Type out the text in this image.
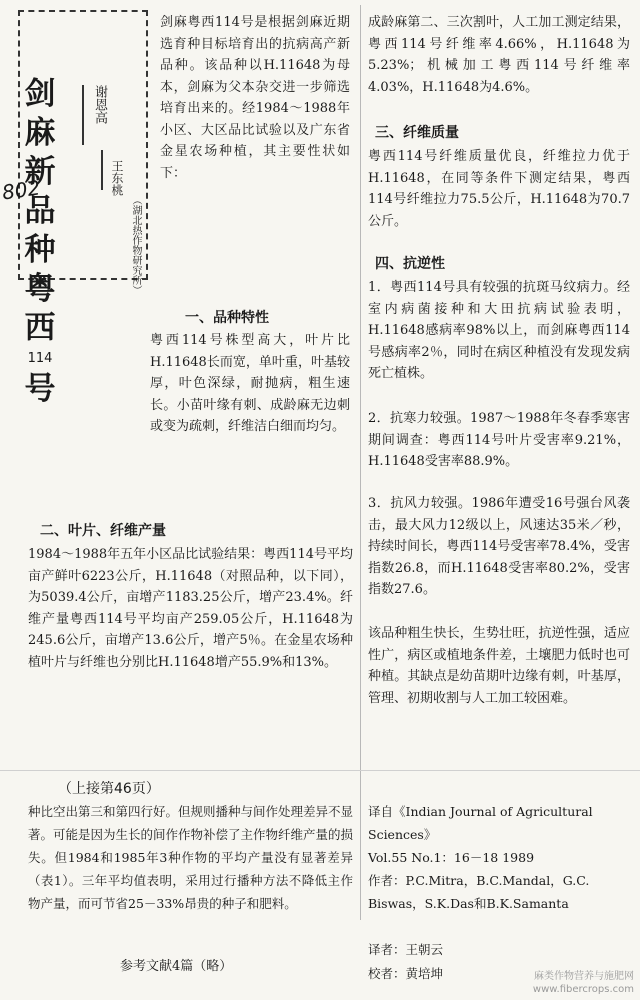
剑
麻
新
品
种
粤
西
114
号
谢恩高
王东桃
（湖北热作物研究所）
802

剑麻粤西114号是根据剑麻近期选育种目标培育出的抗病高产新品种。该品种以H.11648为母本，剑麻为父本杂交进一步筛选培育出来的。经1984～1988年小区、大区品比试验以及广东省金星农场种植，其主要性状如下：

一、品种特性

粤西114号株型高大，叶片比H.11648长而宽，单叶重，叶基较厚，叶色深绿，耐抛病，粗生速长。小苗叶缘有刺、成龄麻无边刺或变为疏刺，纤维洁白细而均匀。

二、叶片、纤维产量

1984～1988年五年小区品比试验结果：粤西114号平均亩产鲜叶6223公斤，H.11648（对照品种，以下同），为5039.4公斤，亩增产1183.25公斤，增产23.4%。纤维产量粤西114号平均亩产259.05公斤，H.11648为245.6公斤，亩增产13.6公斤，增产5％。在金星农场种植叶片与纤维也分别比H.11648增产55.9%和13%。

成龄麻第二、三次割叶，人工加工测定结果，粤西114号纤维率4.66%，H.11648为5.23%；机械加工粤西114号纤维率4.03%，H.11648为4.6%。

三、纤维质量

粤西114号纤维质量优良，纤维拉力优于H.11648，在同等条件下测定结果，粤西114号纤维拉力75.5公斤，H.11648为70.7公斤。

四、抗逆性

1．粤西114号具有较强的抗斑马纹病力。经室内病菌接种和大田抗病试验表明，H.11648感病率98%以上，而剑麻粤西114号感病率2％，同时在病区种植没有发现发病死亡植株。

2．抗寒力较强。1987～1988年冬春季寒害期间调查：粤西114号叶片受害率9.21%，H.11648受害率88.9%。

3．抗风力较强。1986年遭受16号强台风袭击，最大风力12级以上，风速达35米／秒，持续时间长，粤西114号受害率78.4%，受害指数26.8，而H.11648受害率80.2%，受害指数27.6。

该品种粗生快长，生势壮旺，抗逆性强，适应性广，病区或植地条件差，土壤肥力低时也可种植。其缺点是幼苗期叶边缘有刺，叶基厚，管理、初期收割与人工加工较困难。

（上接第46页）

种比空出第三和第四行好。但规则播种与间作处理差异不显著。可能是因为生长的间作作物补偿了主作物纤维产量的损失。但1984和1985年3种作物的平均产量没有显著差异（表1）。三年平均值表明，采用过行播种方法不降低主作物产量，而可节省25－33%昂贵的种子和肥料。

参考文献4篇（略）

译自《Indian Journal of Agricultural Sciences》

Vol.55 No.1：16－18 1989

作者：P.C.Mitra，B.C.Mandal，G.C. Biswas，S.K.Das和B.K.Samanta

译者：王朝云

校者：黄培坤	麻类作物营养与施肥网
www.fibercrops.com
